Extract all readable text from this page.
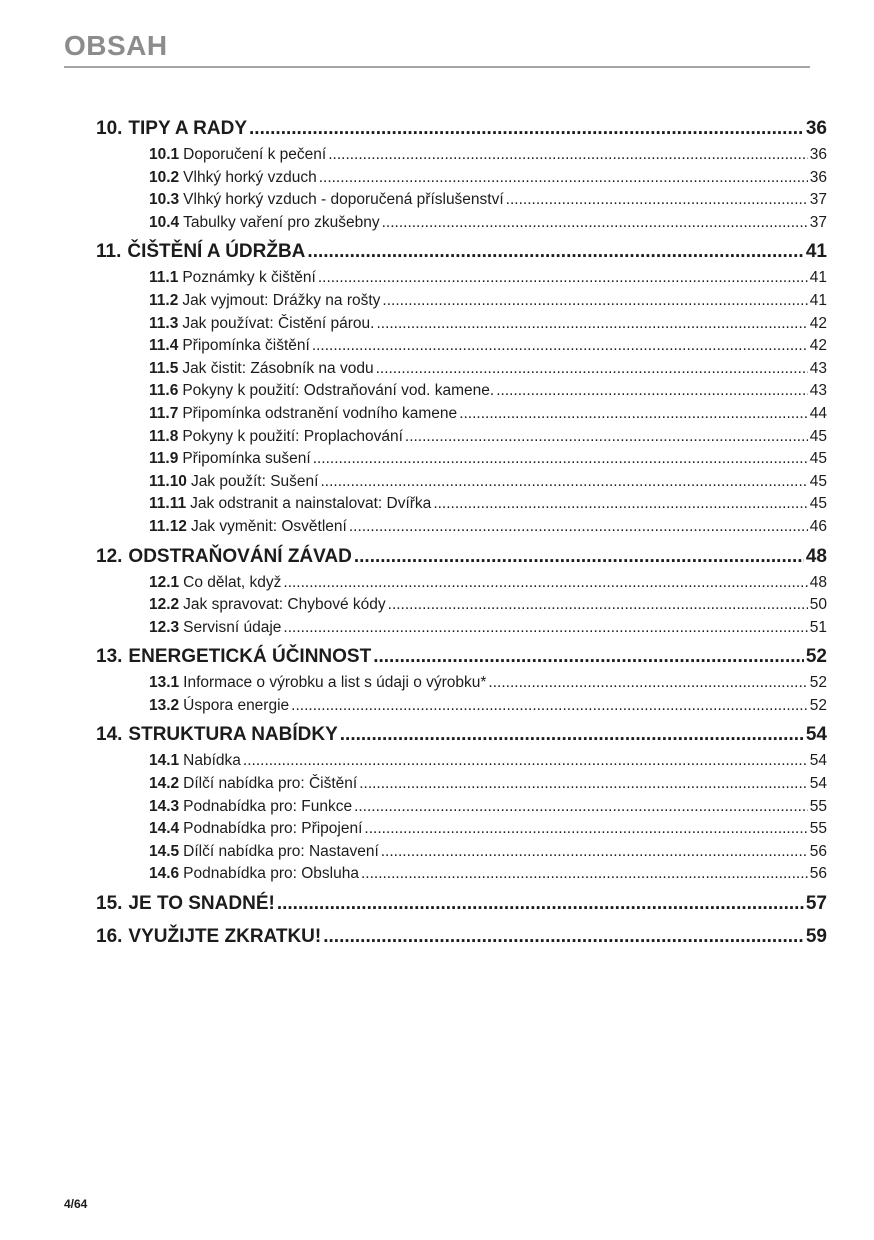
OBSAH
10. TIPY A RADY .....	36
10.1 Doporučení k pečení .....	36
10.2 Vlhký horký vzduch .....	36
10.3 Vlhký horký vzduch - doporučená příslušenství .....	37
10.4 Tabulky vaření pro zkušebny .....	37
11. ČIŠTĚNÍ A ÚDRŽBA .....	41
11.1 Poznámky k čištění .....	41
11.2 Jak vyjmout: Drážky na rošty .....	41
11.3 Jak používat: Čistění párou. .....	42
11.4 Připomínka čištění .....	42
11.5 Jak čistit: Zásobník na vodu .....	43
11.6 Pokyny k použití: Odstraňování vod. kamene. .....	43
11.7 Připomínka odstranění vodního kamene .....	44
11.8 Pokyny k použití: Proplachování .....	45
11.9 Připomínka sušení .....	45
11.10 Jak použít: Sušení .....	45
11.11 Jak odstranit a nainstalovat: Dvířka .....	45
11.12 Jak vyměnit: Osvětlení .....	46
12. ODSTRAŇOVÁNÍ ZÁVAD .....	48
12.1 Co dělat, když .....	48
12.2 Jak spravovat: Chybové kódy .....	50
12.3 Servisní údaje .....	51
13. ENERGETICKÁ ÚČINNOST .....	52
13.1 Informace o výrobku a list s údaji o výrobku* .....	52
13.2 Úspora energie .....	52
14. STRUKTURA NABÍDKY .....	54
14.1 Nabídka .....	54
14.2 Dílčí nabídka pro: Čištění .....	54
14.3 Podnabídka pro: Funkce .....	55
14.4 Podnabídka pro: Připojení .....	55
14.5 Dílčí nabídka pro: Nastavení .....	56
14.6 Podnabídka pro: Obsluha .....	56
15. JE TO SNADNÉ! .....	57
16. VYUŽIJTE ZKRATKU! .....	59
4/64
